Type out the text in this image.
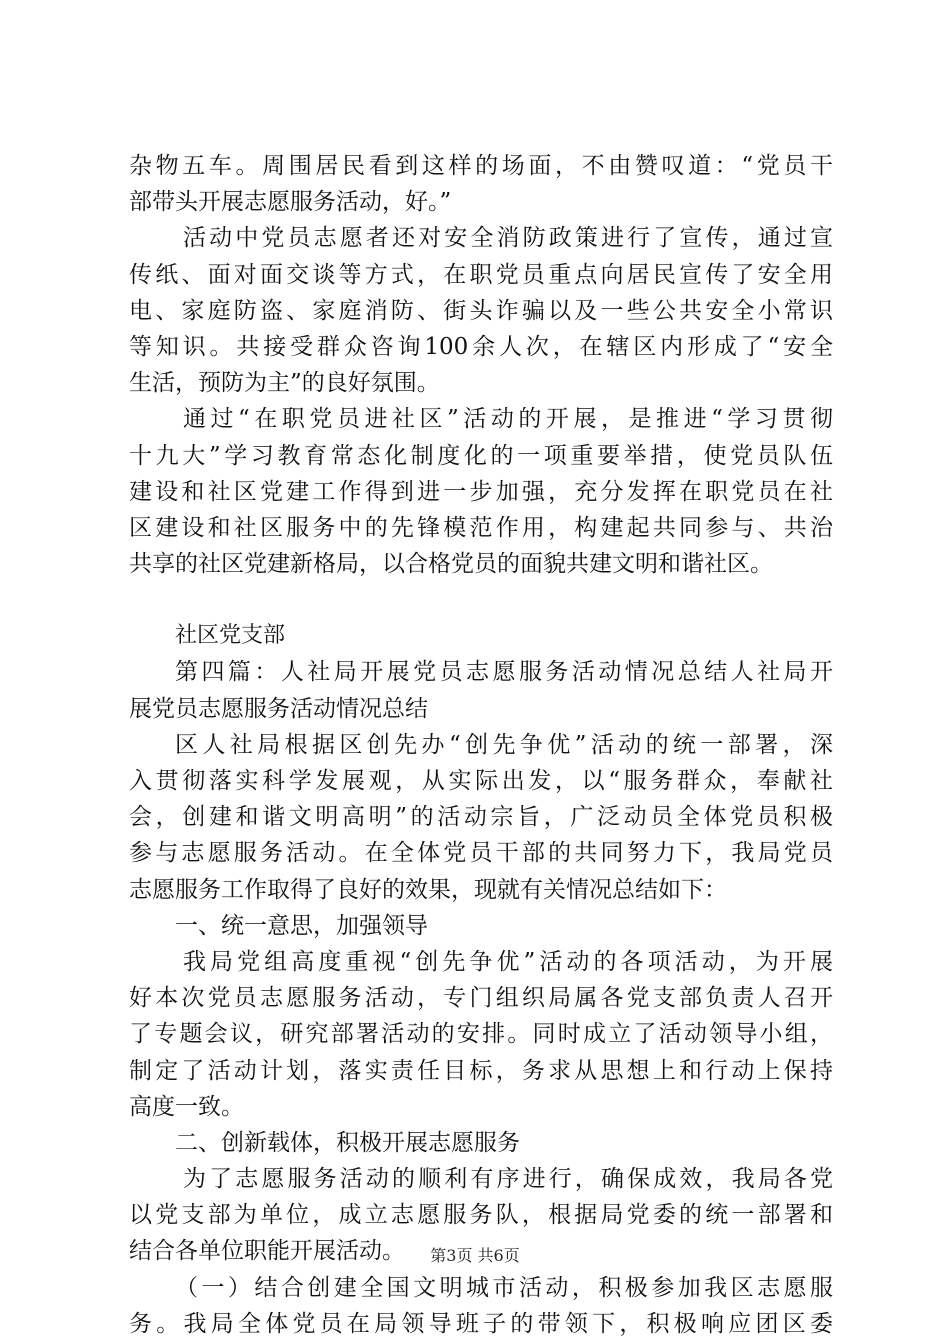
杂物五车。周围居民看到这样的场面，不由赞叹道：“党员干
部带头开展志愿服务活动，好。”
活动中党员志愿者还对安全消防政策进行了宣传，通过宣
传纸、面对面交谈等方式，在职党员重点向居民宣传了安全用
电、家庭防盗、家庭消防、街头诈骗以及一些公共安全小常识
等知识。共接受群众咨询100余人次，在辖区内形成了“安全
生活，预防为主”的良好氛围。
通过“在职党员进社区”活动的开展，是推进“学习贯彻
十九大”学习教育常态化制度化的一项重要举措，使党员队伍
建设和社区党建工作得到进一步加强，充分发挥在职党员在社
区建设和社区服务中的先锋模范作用，构建起共同参与、共治
共享的社区党建新格局，以合格党员的面貌共建文明和谐社区。
社区党支部
第四篇：人社局开展党员志愿服务活动情况总结人社局开
展党员志愿服务活动情况总结
区人社局根据区创先办“创先争优”活动的统一部署，深
入贯彻落实科学发展观，从实际出发，以“服务群众，奉献社
会，创建和谐文明高明”的活动宗旨，广泛动员全体党员积极
参与志愿服务活动。在全体党员干部的共同努力下，我局党员
志愿服务工作取得了良好的效果，现就有关情况总结如下：
一、统一意思，加强领导
我局党组高度重视“创先争优”活动的各项活动，为开展
好本次党员志愿服务活动，专门组织局属各党支部负责人召开
了专题会议，研究部署活动的安排。同时成立了活动领导小组，
制定了活动计划，落实责任目标，务求从思想上和行动上保持
高度一致。
二、创新载体，积极开展志愿服务
为了志愿服务活动的顺利有序进行，确保成效，我局各党
以党支部为单位，成立志愿服务队，根据局党委的统一部署和
结合各单位职能开展活动。
（一）结合创建全国文明城市活动，积极参加我区志愿服
务。我局全体党员在局领导班子的带领下，积极响应团区委
第3页 共6页
